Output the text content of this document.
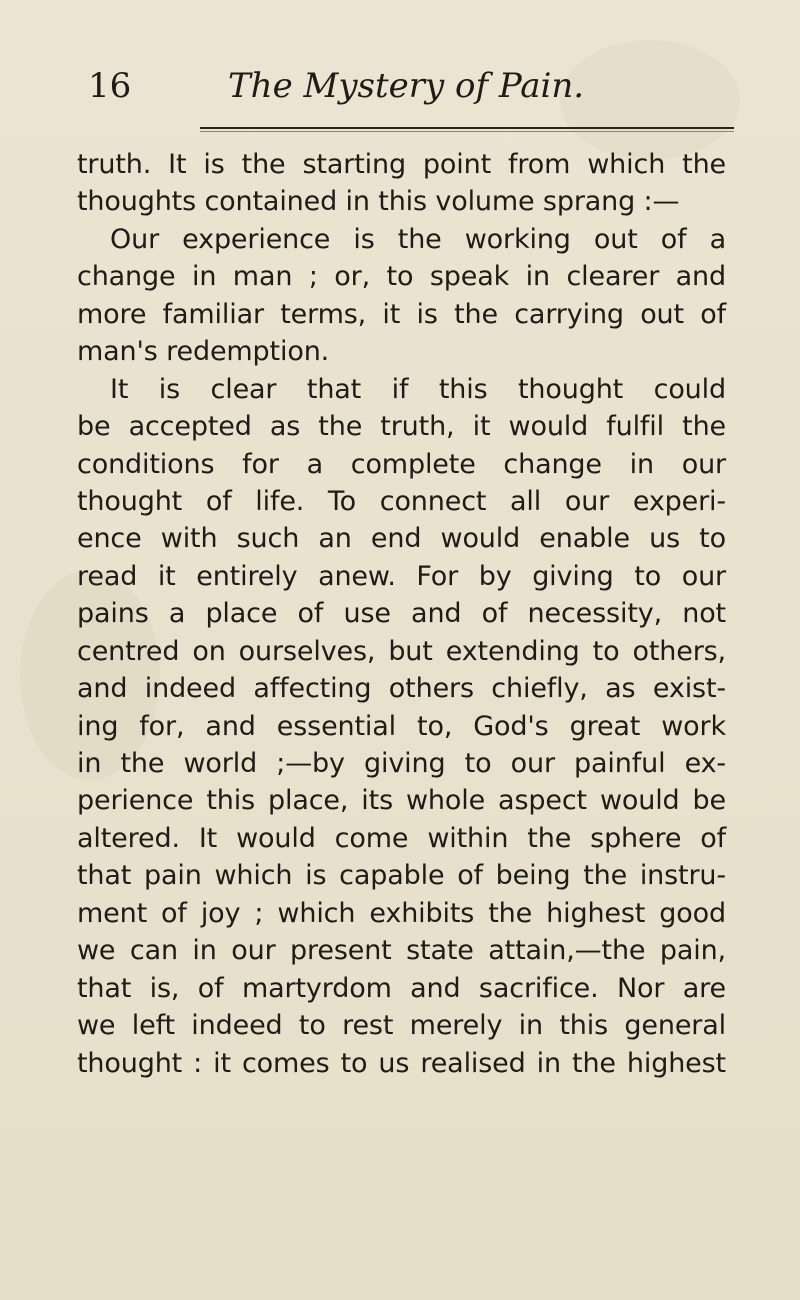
16	The Mystery of Pain.
truth. It is the starting point from which the
thoughts contained in this volume sprang :—
Our experience is the working out of a
change in man ; or, to speak in clearer and
more familiar terms, it is the carrying out of
man's redemption.
It is clear that if this thought could
be accepted as the truth, it would fulfil the
conditions for a complete change in our
thought of life. To connect all our experi-
ence with such an end would enable us to
read it entirely anew. For by giving to our
pains a place of use and of necessity, not
centred on ourselves, but extending to others,
and indeed affecting others chiefly, as exist-
ing for, and essential to, God's great work
in the world ;—by giving to our painful ex-
perience this place, its whole aspect would be
altered. It would come within the sphere of
that pain which is capable of being the instru-
ment of joy ; which exhibits the highest good
we can in our present state attain,—the pain,
that is, of martyrdom and sacrifice. Nor are
we left indeed to rest merely in this general
thought : it comes to us realised in the highest
